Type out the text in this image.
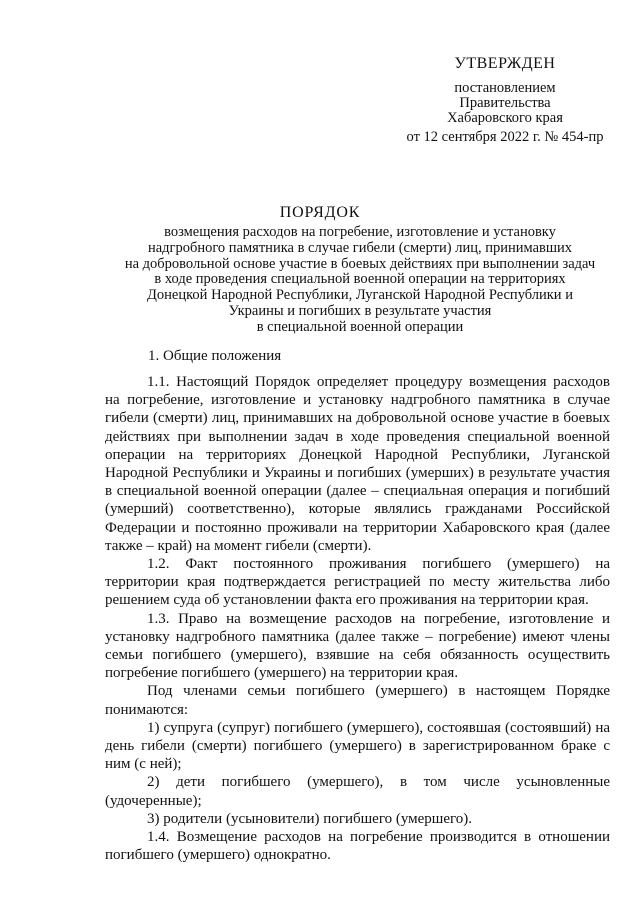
УТВЕРЖДЕН
постановлением
Правительства
Хабаровского края
от 12 сентября 2022 г. № 454-пр
ПОРЯДОК
возмещения расходов на погребение, изготовление и установку
надгробного памятника в случае гибели (смерти) лиц, принимавших
на добровольной основе участие в боевых действиях при выполнении задач
в ходе проведения специальной военной операции на территориях
Донецкой Народной Республики, Луганской Народной Республики и
Украины и погибших в результате участия
в специальной военной операции
1. Общие положения

1.1. Настоящий Порядок определяет процедуру возмещения расходов на погребение, изготовление и установку надгробного памятника в случае гибели (смерти) лиц, принимавших на добровольной основе участие в боевых действиях при выполнении задач в ходе проведения специальной военной операции на территориях Донецкой Народной Республики, Луганской Народной Республики и Украины и погибших (умерших) в результате участия в специальной военной операции (далее – специальная операция и погибший (умерший) соответственно), которые являлись гражданами Российской Федерации и постоянно проживали на территории Хабаровского края (далее также – край) на момент гибели (смерти).

1.2. Факт постоянного проживания погибшего (умершего) на территории края подтверждается регистрацией по месту жительства либо решением суда об установлении факта его проживания на территории края.

1.3. Право на возмещение расходов на погребение, изготовление и установку надгробного памятника (далее также – погребение) имеют члены семьи погибшего (умершего), взявшие на себя обязанность осуществить погребение погибшего (умершего) на территории края.

Под членами семьи погибшего (умершего) в настоящем Порядке понимаются:

1) супруга (супруг) погибшего (умершего), состоявшая (состоявший) на день гибели (смерти) погибшего (умершего) в зарегистрированном браке с ним (с ней);

2) дети погибшего (умершего), в том числе усыновленные (удочеренные);

3) родители (усыновители) погибшего (умершего).

1.4. Возмещение расходов на погребение производится в отношении погибшего (умершего) однократно.
